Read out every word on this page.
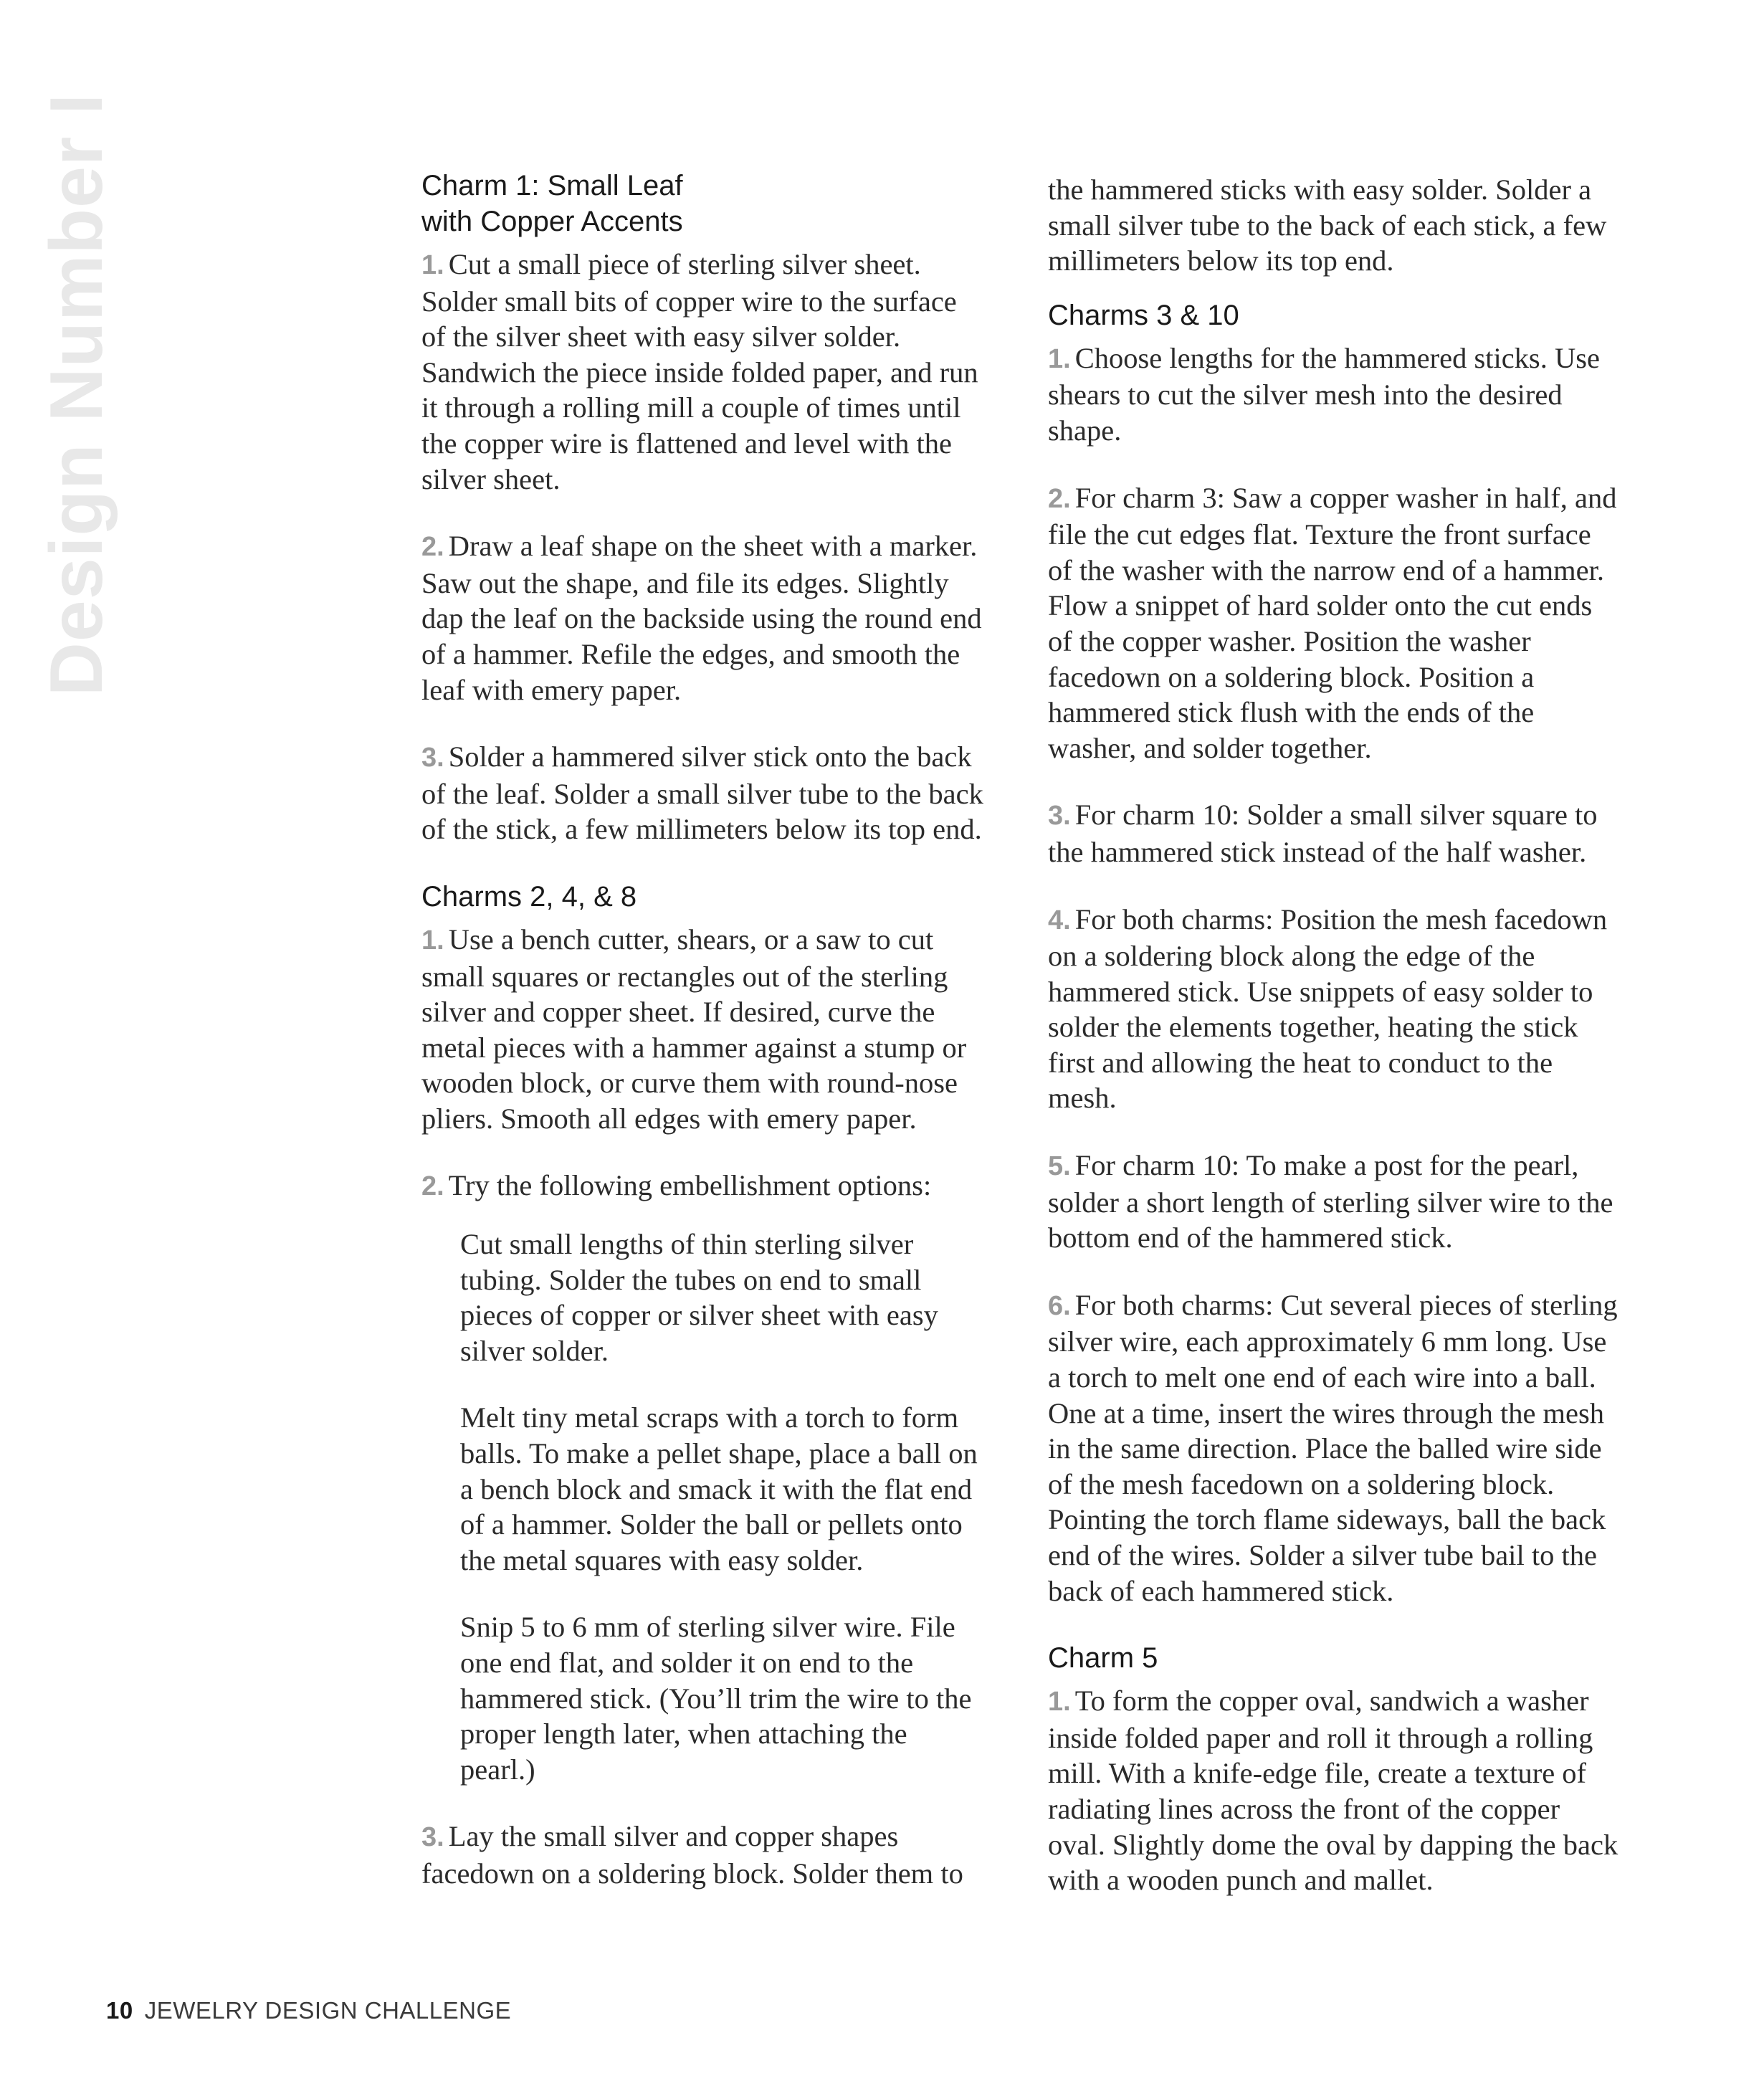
Design Number I	Charm 1: Small Leaf
with Copper Accents

1. Cut a small piece of sterling silver sheet. Solder small bits of copper wire to the surface of the silver sheet with easy silver solder. Sandwich the piece inside folded paper, and run it through a rolling mill a couple of times until the copper wire is flattened and level with the silver sheet.

2. Draw a leaf shape on the sheet with a marker. Saw out the shape, and file its edges. Slightly dap the leaf on the backside using the round end of a hammer. Refile the edges, and smooth the leaf with emery paper.

3. Solder a hammered silver stick onto the back of the leaf. Solder a small silver tube to the back of the stick, a few millimeters below its top end.

Charms 2, 4, & 8

1. Use a bench cutter, shears, or a saw to cut small squares or rectangles out of the sterling silver and copper sheet. If desired, curve the metal pieces with a hammer against a stump or wooden block, or curve them with round-nose pliers. Smooth all edges with emery paper.

2. Try the following embellishment options:

Cut small lengths of thin sterling silver tubing. Solder the tubes on end to small pieces of copper or silver sheet with easy silver solder.

Melt tiny metal scraps with a torch to form balls. To make a pellet shape, place a ball on a bench block and smack it with the flat end of a hammer. Solder the ball or pellets onto the metal squares with easy solder.

Snip 5 to 6 mm of sterling silver wire. File one end flat, and solder it on end to the hammered stick. (You’ll trim the wire to the proper length later, when attaching the pearl.)

3. Lay the small silver and copper shapes facedown on a soldering block. Solder them to

the hammered sticks with easy solder. Solder a small silver tube to the back of each stick, a few millimeters below its top end.

Charms 3 & 10

1. Choose lengths for the hammered sticks. Use shears to cut the silver mesh into the desired shape.

2. For charm 3: Saw a copper washer in half, and file the cut edges flat. Texture the front surface of the washer with the narrow end of a hammer. Flow a snippet of hard solder onto the cut ends of the copper washer. Position the washer facedown on a soldering block. Position a hammered stick flush with the ends of the washer, and solder together.

3. For charm 10: Solder a small silver square to the hammered stick instead of the half washer.

4. For both charms: Position the mesh facedown on a soldering block along the edge of the hammered stick. Use snippets of easy solder to solder the elements together, heating the stick first and allowing the heat to conduct to the mesh.

5. For charm 10: To make a post for the pearl, solder a short length of sterling silver wire to the bottom end of the hammered stick.

6. For both charms: Cut several pieces of sterling silver wire, each approximately 6 mm long. Use a torch to melt one end of each wire into a ball. One at a time, insert the wires through the mesh in the same direction. Place the balled wire side of the mesh facedown on a soldering block. Pointing the torch flame sideways, ball the back end of the wires. Solder a silver tube bail to the back of each hammered stick.

Charm 5

1. To form the copper oval, sandwich a washer inside folded paper and roll it through a rolling mill. With a knife-edge file, create a texture of radiating lines across the front of the copper oval. Slightly dome the oval by dapping the back with a wooden punch and mallet.

10 JEWELRY DESIGN CHALLENGE
